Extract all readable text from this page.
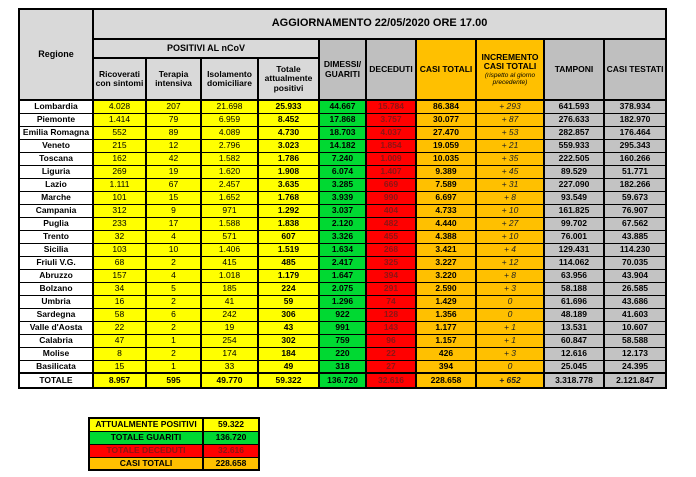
Regione	AGGIORNAMENTO 22/05/2020 ORE 17.00									
	POSITIVI AL nCoV				DIMESSI/ GUARITI	DECEDUTI	CASI TOTALI	INCREMENTO CASI TOTALI
(rispetto al giorno precedente)	TAMPONI	CASI TESTATI
	Ricoverati con sintomi	Terapia intensiva	Isolamento domiciliare	Totale attualmente positivi						
Lombardia	4.028	207	21.698	25.933	44.667	15.784	86.384	+ 293	641.593	378.934
Piemonte	1.414	79	6.959	8.452	17.868	3.757	30.077	+ 87	276.633	182.970
Emilia Romagna	552	89	4.089	4.730	18.703	4.037	27.470	+ 53	282.857	176.464
Veneto	215	12	2.796	3.023	14.182	1.854	19.059	+ 21	559.933	295.343
Toscana	162	42	1.582	1.786	7.240	1.009	10.035	+ 35	222.505	160.266
Liguria	269	19	1.620	1.908	6.074	1.407	9.389	+ 45	89.529	51.771
Lazio	1.111	67	2.457	3.635	3.285	669	7.589	+ 31	227.090	182.266
Marche	101	15	1.652	1.768	3.939	990	6.697	+ 8	93.549	59.673
Campania	312	9	971	1.292	3.037	404	4.733	+ 10	161.825	76.907
Puglia	233	17	1.588	1.838	2.120	482	4.440	+ 27	99.702	67.562
Trento	32	4	571	607	3.326	455	4.388	+ 10	76.001	43.885
Sicilia	103	10	1.406	1.519	1.634	268	3.421	+ 4	129.431	114.230
Friuli V.G.	68	2	415	485	2.417	325	3.227	+ 12	114.062	70.035
Abruzzo	157	4	1.018	1.179	1.647	394	3.220	+ 8	63.956	43.904
Bolzano	34	5	185	224	2.075	291	2.590	+ 3	58.188	26.585
Umbria	16	2	41	59	1.296	74	1.429	0	61.696	43.686
Sardegna	58	6	242	306	922	128	1.356	0	48.189	41.603
Valle d'Aosta	22	2	19	43	991	143	1.177	+ 1	13.531	10.607
Calabria	47	1	254	302	759	96	1.157	+ 1	60.847	58.588
Molise	8	2	174	184	220	22	426	+ 3	12.616	12.173
Basilicata	15	1	33	49	318	27	394	0	25.045	24.395
TOTALE	8.957	595	49.770	59.322	136.720	32.616	228.658	+ 652	3.318.778	2.121.847
ATTUALMENTE POSITIVI	59.322
TOTALE GUARITI	136.720
TOTALE DECEDUTI	32.616
CASI TOTALI	228.658
